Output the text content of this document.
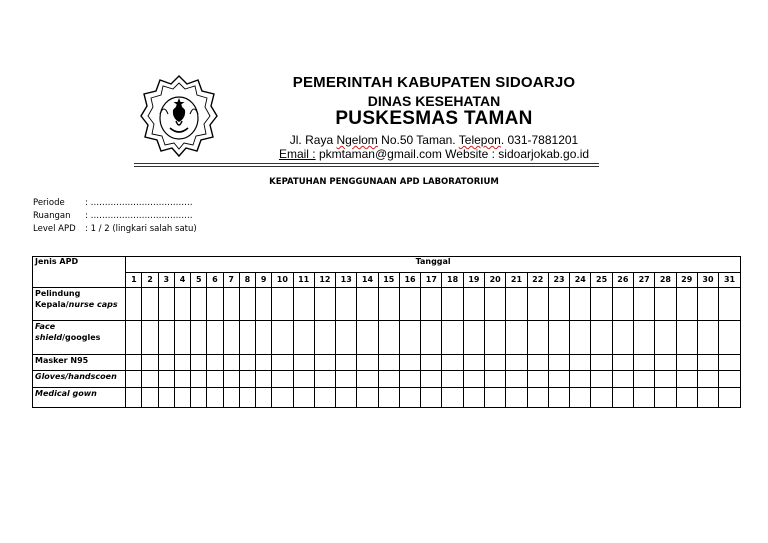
PEMERINTAH KABUPATEN SIDOARJO
DINAS KESEHATAN
PUSKESMAS TAMAN
Jl. Raya Ngelom No.50 Taman. Telepon. 031-7881201
Email : pkmtaman@gmail.com Website : sidoarjokab.go.id
KEPATUHAN PENGGUNAAN APD LABORATORIUM
Periode : ………………………………
Ruangan : ………………………………
Level APD : 1 / 2 (lingkari salah satu)
Jenis APD	Tanggal																														
	1	2	3	4	5	6	7	8	9	10	11	12	13	14	15	16	17	18	19	20	21	22	23	24	25	26	27	28	29	30	31

Pelindung
Kepala/nurse caps																															

Face
shield/googles																															

Masker N95																															

Gloves/handscoen																															

Medical gown																															
